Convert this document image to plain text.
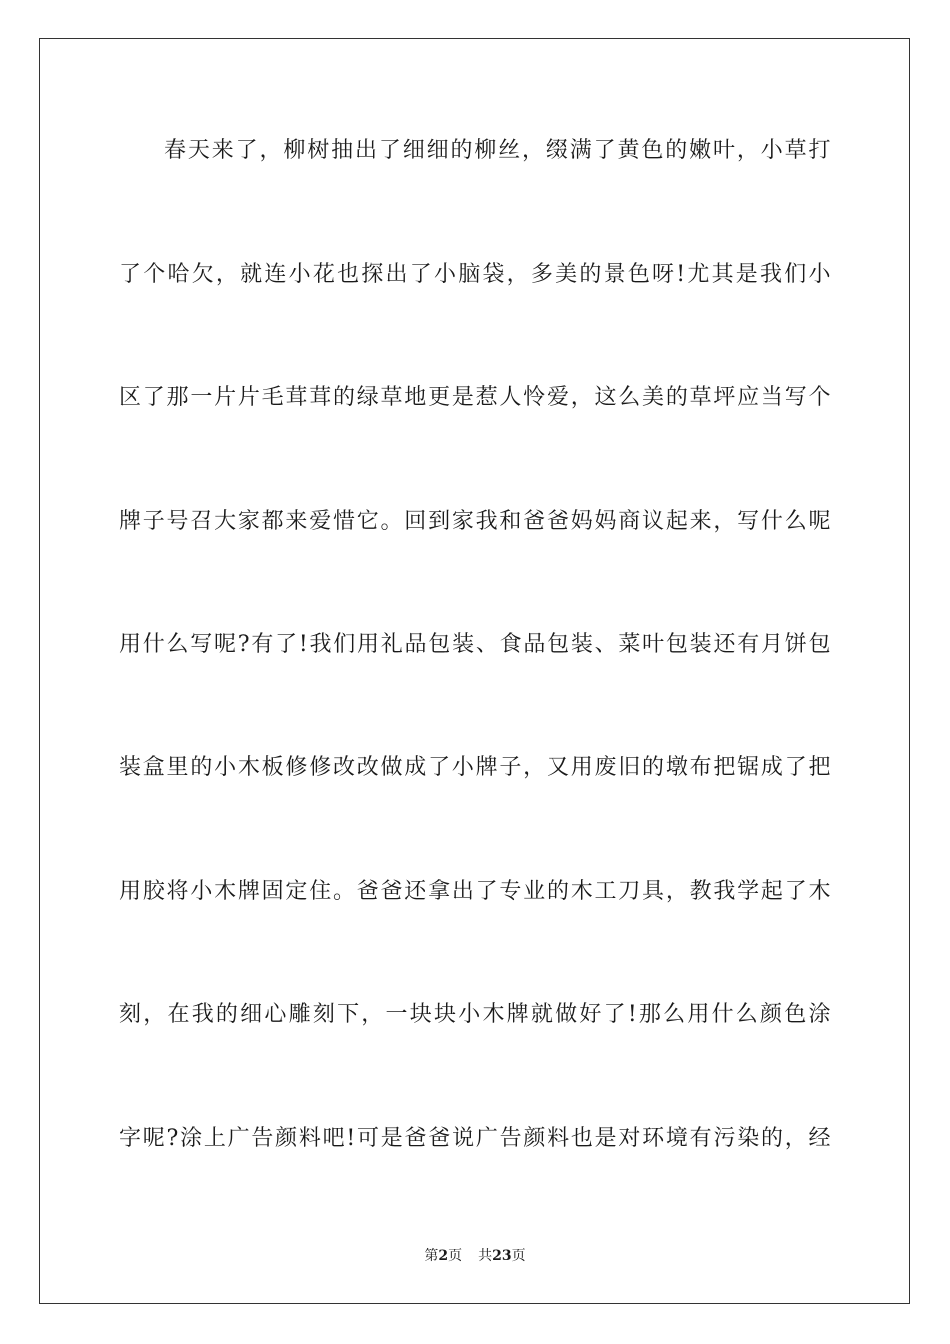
春天来了，柳树抽出了细细的柳丝，缀满了黄色的嫩叶，小草打
了个哈欠，就连小花也探出了小脑袋，多美的景色呀!尤其是我们小
区了那一片片毛茸茸的绿草地更是惹人怜爱，这么美的草坪应当写个
牌子号召大家都来爱惜它。回到家我和爸爸妈妈商议起来，写什么呢
用什么写呢?有了!我们用礼品包装、食品包装、菜叶包装还有月饼包
装盒里的小木板修修改改做成了小牌子，又用废旧的墩布把锯成了把
用胶将小木牌固定住。爸爸还拿出了专业的木工刀具，教我学起了木
刻，在我的细心雕刻下，一块块小木牌就做好了!那么用什么颜色涂
字呢?涂上广告颜料吧!可是爸爸说广告颜料也是对环境有污染的，经
第2页 共23页
